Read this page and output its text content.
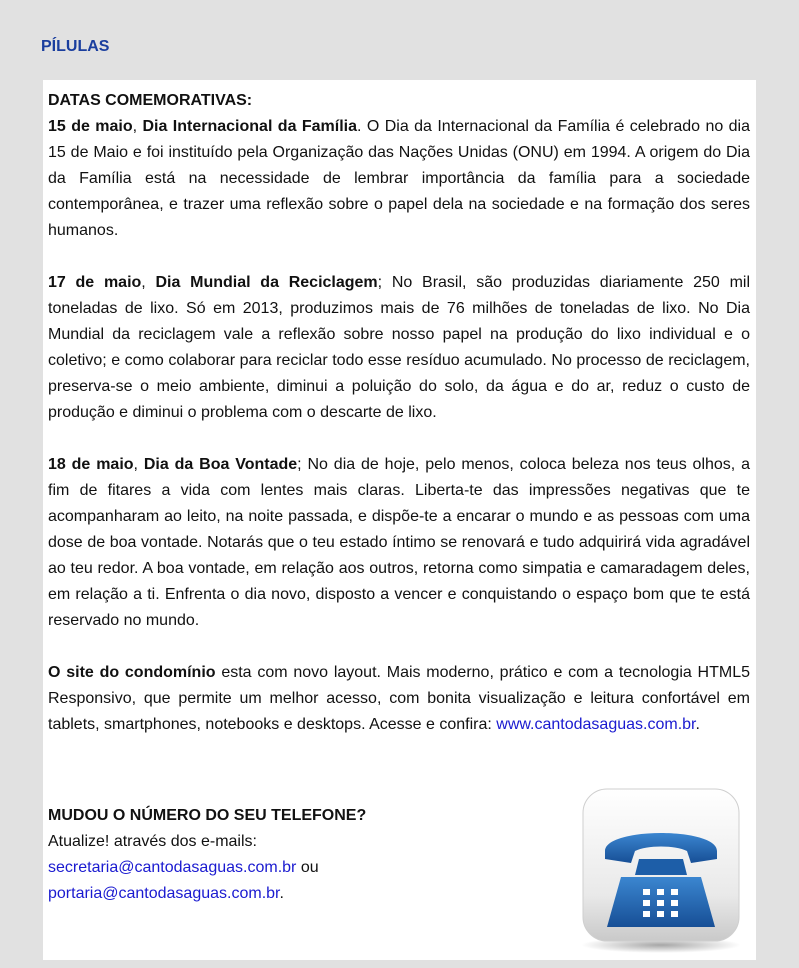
PÍLULAS

DATAS COMEMORATIVAS:

15 de maio, Dia Internacional da Família. O Dia da Internacional da Família é celebrado no dia 15 de Maio e foi instituído pela Organização das Nações Unidas (ONU) em 1994. A origem do Dia da Família está na necessidade de lembrar importância da família para a sociedade contemporânea, e trazer uma reflexão sobre o papel dela na sociedade e na formação dos seres humanos.

17 de maio, Dia Mundial da Reciclagem; No Brasil, são produzidas diariamente 250 mil toneladas de lixo. Só em 2013, produzimos mais de 76 milhões de toneladas de lixo. No Dia Mundial da reciclagem vale a reflexão sobre nosso papel na produção do lixo individual e o coletivo; e como colaborar para reciclar todo esse resíduo acumulado. No processo de reciclagem, preserva-se o meio ambiente, diminui a poluição do solo, da água e do ar, reduz o custo de produção e diminui o problema com o descarte de lixo.

18 de maio, Dia da Boa Vontade; No dia de hoje, pelo menos, coloca beleza nos teus olhos, a fim de fitares a vida com lentes mais claras. Liberta-te das impressões negativas que te acompanharam ao leito, na noite passada, e dispõe-te a encarar o mundo e as pessoas com uma dose de boa vontade. Notarás que o teu estado íntimo se renovará e tudo adquirirá vida agradável ao teu redor. A boa vontade, em relação aos outros, retorna como simpatia e camaradagem deles, em relação a ti. Enfrenta o dia novo, disposto a vencer e conquistando o espaço bom que te está reservado no mundo.

O site do condomínio esta com novo layout. Mais moderno, prático e com a tecnologia HTML5 Responsivo, que permite um melhor acesso, com bonita visualização e leitura confortável em tablets, smartphones, notebooks e desktops. Acesse e confira: www.cantodasaguas.com.br.

MUDOU O NÚMERO DO SEU TELEFONE?
Atualize! através dos e-mails:
secretaria@cantodasaguas.com.br ou
portaria@cantodasaguas.com.br.
